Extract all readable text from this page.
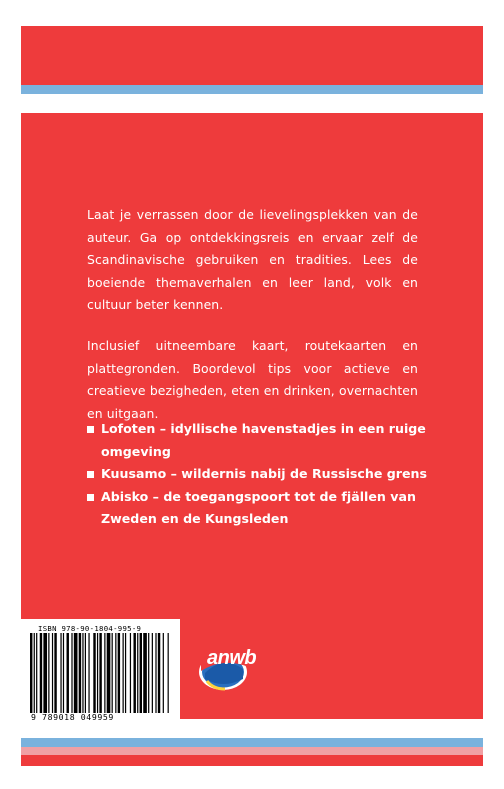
Laat je verrassen door de lievelingsplekken van de auteur. Ga op ontdekkingsreis en ervaar zelf de Scandinavische gebruiken en tradities. Lees de boeiende themaverhalen en leer land, volk en cultuur beter kennen.

Inclusief uitneembare kaart, routekaarten en plattegronden. Boordevol tips voor actieve en creatieve bezigheden, eten en drinken, overnachten en uitgaan.

Lofoten – idyllische havenstadjes in een ruige omgeving
Kuusamo – wildernis nabij de Russische grens
Abisko – de toegangspoort tot de fjällen van Zweden en de Kungsleden
ISBN 978-90-1804-995-9
9 789018 049959
anwb
